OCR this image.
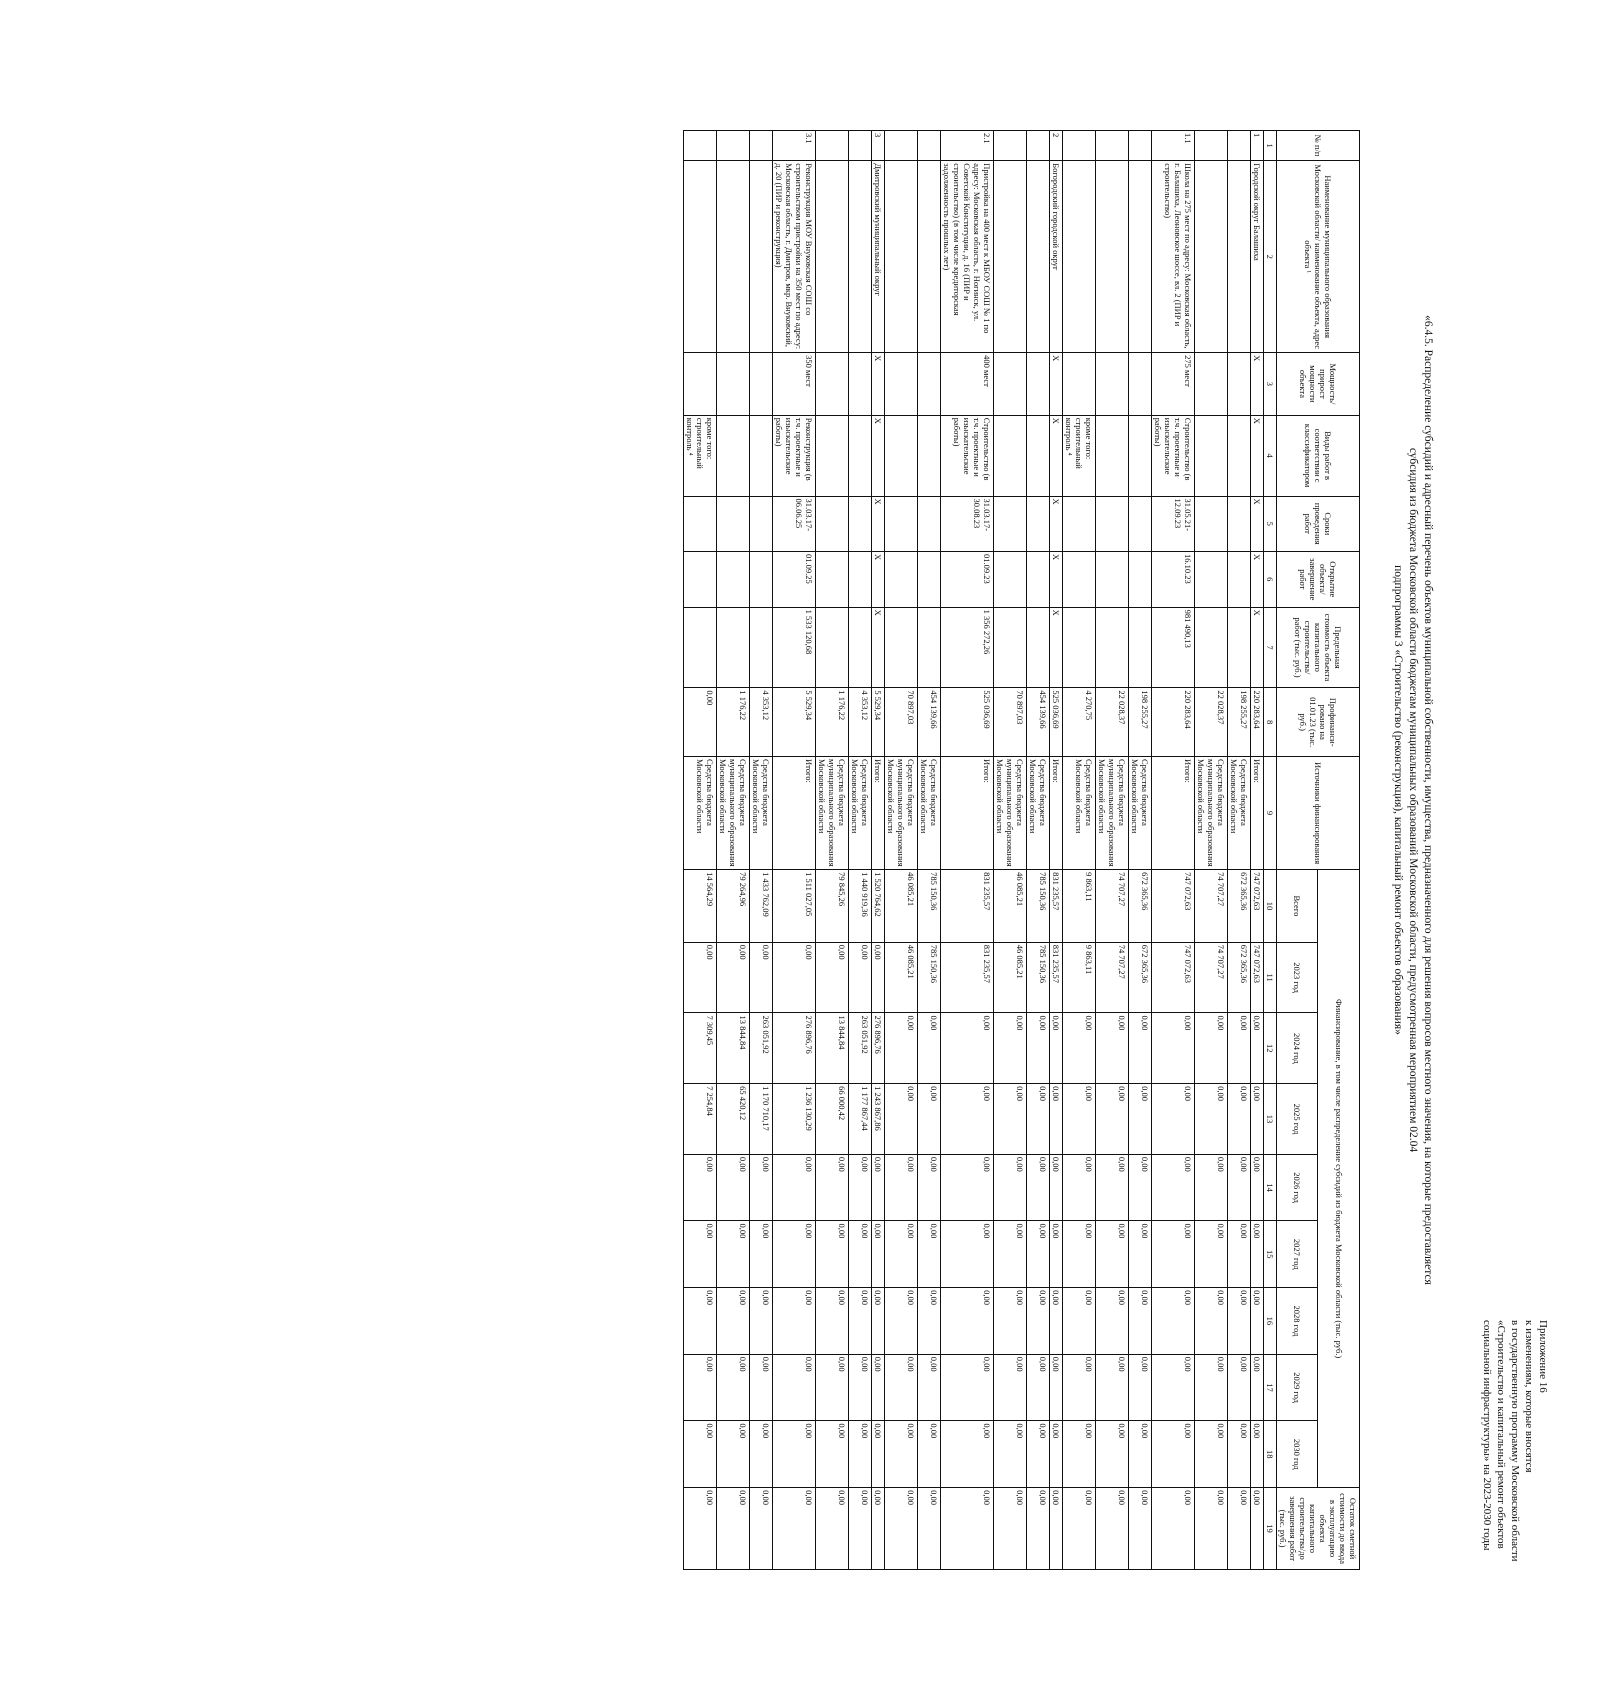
Приложение 16
к изменениям, которые вносятся
в государственную программу Московской области
«Строительство и капитальный ремонт объектов
социальной инфраструктуры» на 2023-2030 годы
«6.4.5. Распределение субсидий и адресный перечень объектов муниципальной собственности, имущества, предназначенного для решения вопросов местного значения, на которые предоставляется
субсидия из бюджета Московской области бюджетам муниципальных образований Московской области, предусмотренная мероприятием 02.04
подпрограммы 3 «Строительство (реконструкция), капитальный ремонт объектов образования»
№ п/п	Наименование муниципального образования Московской области/ наименование объекта, адрес объекта ¹	Мощность/ прирост мощности объекта	Виды работ в соответствии с классификатором	Сроки проведения работ	Открытие объекта/ завершение работ	Предельная стоимость объекта капитального строительства/ работ (тыс. руб.)	Профинанси-ровано на 01.01.23 (тыс. руб.)	Источники финансирования	Финансирование, в том числе распределение субсидий из бюджета Московской области (тыс. руб.)									Остаток сметной стоимости до ввода в эксплуатацию объекта капитального строительства/до завершения работ (тыс. руб.)
									Всего	2023 год	2024 год	2025 год	2026 год	2027 год	2028 год	2029 год	2030 год	
1	2	3	4	5	6	7	8	9	10	11	12	13	14	15	16	17	18	19
1	Городской округ Балашиха	Х	Х	Х	Х	Х	220 283,64	Итого:	747 072,63	747 072,63	0,00	0,00	0,00	0,00	0,00	0,00	0,00	0,00
							198 255,27	Средства бюджета Московской области	672 365,36	672 365,36	0,00	0,00	0,00	0,00	0,00	0,00	0,00	0,00
							22 028,37	Средства бюджета муниципального образования Московской области	74 707,27	74 707,27	0,00	0,00	0,00	0,00	0,00	0,00	0,00	0,00
1.1	Школа на 275 мест по адресу: Московская область, г. Балашиха, Леоновское шоссе, вл. 2 (ПИР и строительство)	275 мест	Строительство (в т.ч. проектные и изыскательские работы)	31.05.21-12.09.23	16.10.23	981 490,13	220 283,64	Итого:	747 072,63	747 072,63	0,00	0,00	0,00	0,00	0,00	0,00	0,00	0,00
							198 255,27	Средства бюджета Московской области	672 365,36	672 365,36	0,00	0,00	0,00	0,00	0,00	0,00	0,00	0,00
							22 028,37	Средства бюджета муниципального образования Московской области	74 707,27	74 707,27	0,00	0,00	0,00	0,00	0,00	0,00	0,00	0,00
			кроме того: строительный контроль ⁴				4 270,75	Средства бюджета Московской области	9 863,11	9 863,11	0,00	0,00	0,00	0,00	0,00	0,00	0,00	0,00
2	Богородский городской округ	Х	Х	Х	Х	Х	525 036,69	Итого:	831 235,57	831 235,57	0,00	0,00	0,00	0,00	0,00	0,00	0,00	0,00
							454 139,66	Средства бюджета Московской области	785 150,36	785 150,36	0,00	0,00	0,00	0,00	0,00	0,00	0,00	0,00
							70 897,03	Средства бюджета муниципального образования Московской области	46 085,21	46 085,21	0,00	0,00	0,00	0,00	0,00	0,00	0,00	0,00
2.1	Пристройка на 400 мест к МБОУ СОШ № 1 по адресу: Московская область, г. Ногинск, ул. Советской Конституции, д. 16 (ПИР и строительство) (в том числе кредиторская задолженность прошлых лет)	400 мест	Строительство (в т.ч. проектные и изыскательские работы)	31.03.17-30.08.23	01.09.23	1 356 272,26	525 036,69	Итого:	831 235,57	831 235,57	0,00	0,00	0,00	0,00	0,00	0,00	0,00	0,00
							454 139,66	Средства бюджета Московской области	785 150,36	785 150,36	0,00	0,00	0,00	0,00	0,00	0,00	0,00	0,00
							70 897,03	Средства бюджета муниципального образования Московской области	46 085,21	46 085,21	0,00	0,00	0,00	0,00	0,00	0,00	0,00	0,00
3	Дмитровский муниципальный округ	Х	Х	Х	Х	Х	5 529,34	Итого:	1 520 764,62	0,00	276 896,76	1 243 867,86	0,00	0,00	0,00	0,00	0,00	0,00
							4 353,12	Средства бюджета Московской области	1 440 919,36	0,00	263 051,92	1 177 867,44	0,00	0,00	0,00	0,00	0,00	0,00
							1 176,22	Средства бюджета муниципального образования Московской области	79 845,26	0,00	13 844,84	66 000,42	0,00	0,00	0,00	0,00	0,00	0,00
3.1	Реконструкция МОУ Внуковская СОШ со строительством пристройки на 350 мест по адресу: Московская область, г. Дмитров, мкр. Внуковский, д. 20 (ПИР и реконструкция)	350 мест	Реконструкция (в т.ч. проектные и изыскательские работы)	31.03.17-06.06.25	01.09.25	1 533 120,68	5 529,34	Итого:	1 511 027,05	0,00	276 896,76	1 236 130,29	0,00	0,00	0,00	0,00	0,00	0,00
							4 353,12	Средства бюджета Московской области	1 433 762,09	0,00	263 051,92	1 170 710,17	0,00	0,00	0,00	0,00	0,00	0,00
							1 176,22	Средства бюджета муниципального образования Московской области	79 264,96	0,00	13 844,84	65 420,12	0,00	0,00	0,00	0,00	0,00	0,00
			кроме того: строительный контроль ⁴				0,00	Средства бюджета Московской области	14 564,29	0,00	7 309,45	7 254,84	0,00	0,00	0,00	0,00	0,00	0,00
